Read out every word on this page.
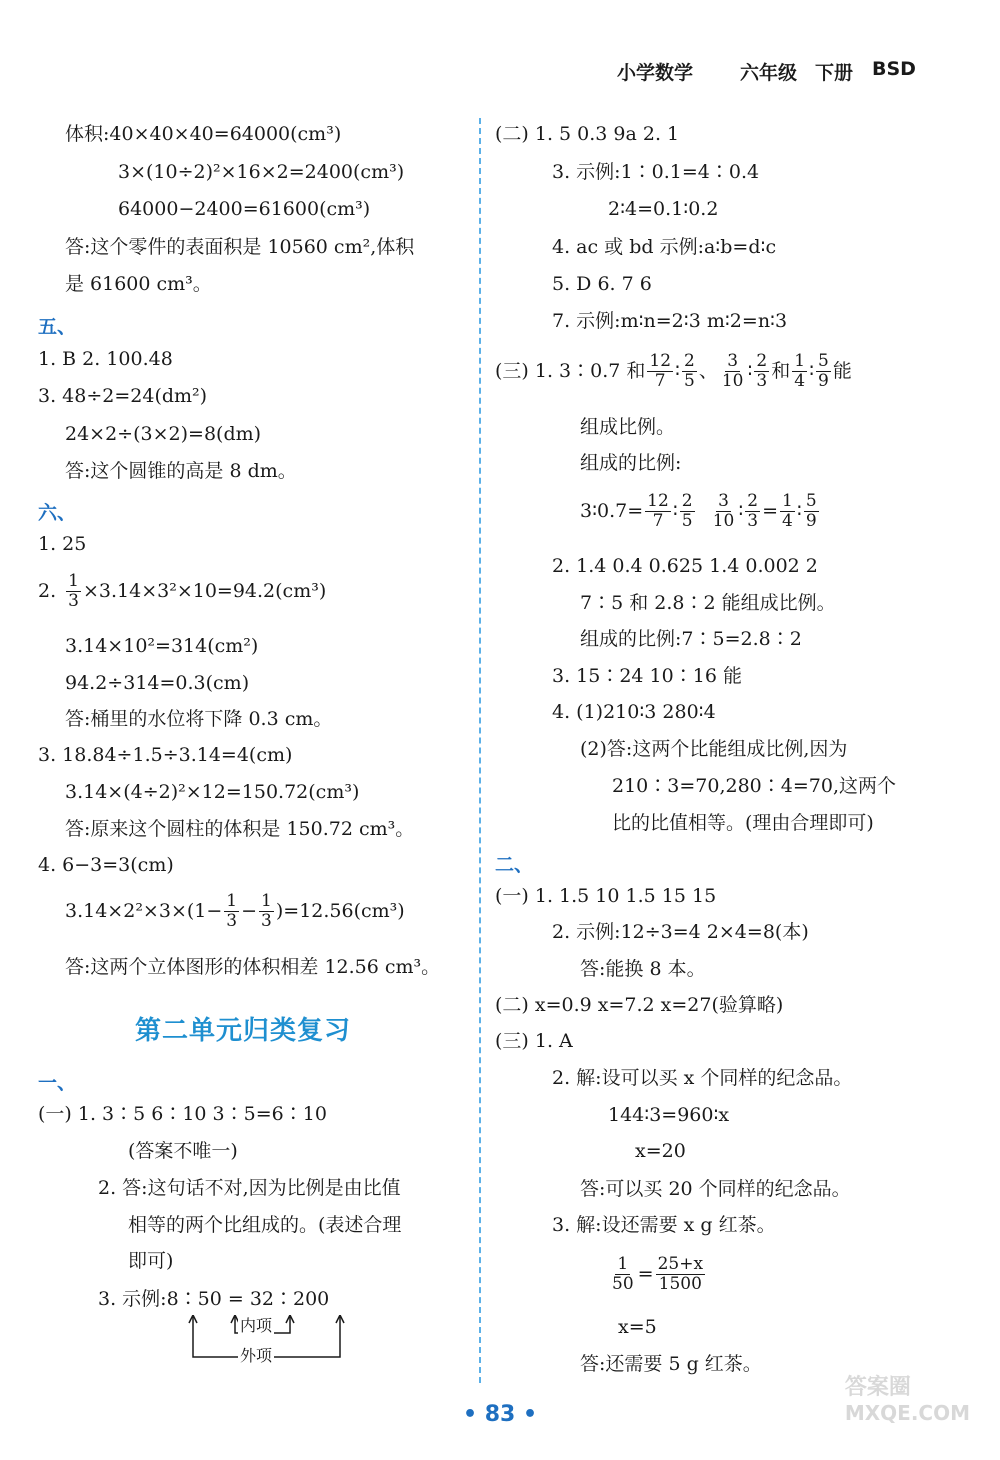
小学数学 六年级 下册 BSD
体积:40×40×40=64000(cm³)
3×(10÷2)²×16×2=2400(cm³)
64000−2400=61600(cm³)
答:这个零件的表面积是 10560 cm²,体积
是 61600 cm³。
五、
1. B 2. 100.48
3. 48÷2=24(dm²)
24×2÷(3×2)=8(dm)
答:这个圆锥的高是 8 dm。
六、
1. 25
2. $\frac{1}{3} \times 3.14\times 3^2\times 10=94.2(cm^3)$
3.14×10²=314(cm²)
94.2÷314=0.3(cm)
答:桶里的水位将下降 0.3 cm。
3. 18.84÷1.5÷3.14=4(cm)
3.14×(4÷2)²×12=150.72(cm³)
答:原来这个圆柱的体积是 150.72 cm³。
4. 6−3=3(cm)
$3.14\times 2^2\times 3\times(1- \frac{1}{3} - \frac{1}{3} )=12.56(cm^3)$
答:这两个立体图形的体积相差 12.56 cm³。
第二单元归类复习
一、
(一) 1. 3∶5 6∶10 3∶5=6∶10
(答案不唯一)
2. 答:这句话不对,因为比例是由比值
相等的两个比组成的。(表述合理
即可)
3. 示例:8∶50 = 32∶200
内项
外项
(二) 1. 5 0.3 9a 2. 1
3. 示例:1∶0.1=4∶0.4
2∶4=0.1∶0.2
4. ac 或 bd 示例:a∶b=d∶c
5. D 6. 7 6
7. 示例:m∶n=2∶3 m∶2=n∶3
(三) 1. 3∶0.7 和 $\frac{12}{7}$ ∶ $\frac{2}{5}$ 、 $\frac{3}{10}$ ∶ $\frac{2}{3}$ 和 $\frac{1}{4}$ ∶ $\frac{5}{9}$ 能
组成比例。
组成的比例:
3∶0.7= $\frac{12}{7}$ ∶ $\frac{2}{5}$
$\frac{3}{10}$ ∶ $\frac{2}{3} = \frac{1}{4}$ ∶ $\frac{5}{9}$
2. 1.4 0.4 0.625 1.4 0.002 2
7∶5 和 2.8∶2 能组成比例。
组成的比例:7∶5=2.8∶2
3. 15∶24 10∶16 能
4. (1)210∶3 280∶4
(2)答:这两个比能组成比例,因为
210∶3=70,280∶4=70,这两个
比的比值相等。(理由合理即可)
二、
(一) 1. 1.5 10 1.5 15 15
2. 示例:12÷3=4 2×4=8(本)
答:能换 8 本。
(二) x=0.9 x=7.2 x=27(验算略)
(三) 1. A
2. 解:设可以买 x 个同样的纪念品。
144∶3=960∶x
x=20
答:可以买 20 个同样的纪念品。
3. 解:设还需要 x g 红茶。
$\frac{1}{50} = \frac{25+x}{1500}$
x=5
答:还需要 5 g 红茶。
• 83 •
答案圈
MXQE.COM
